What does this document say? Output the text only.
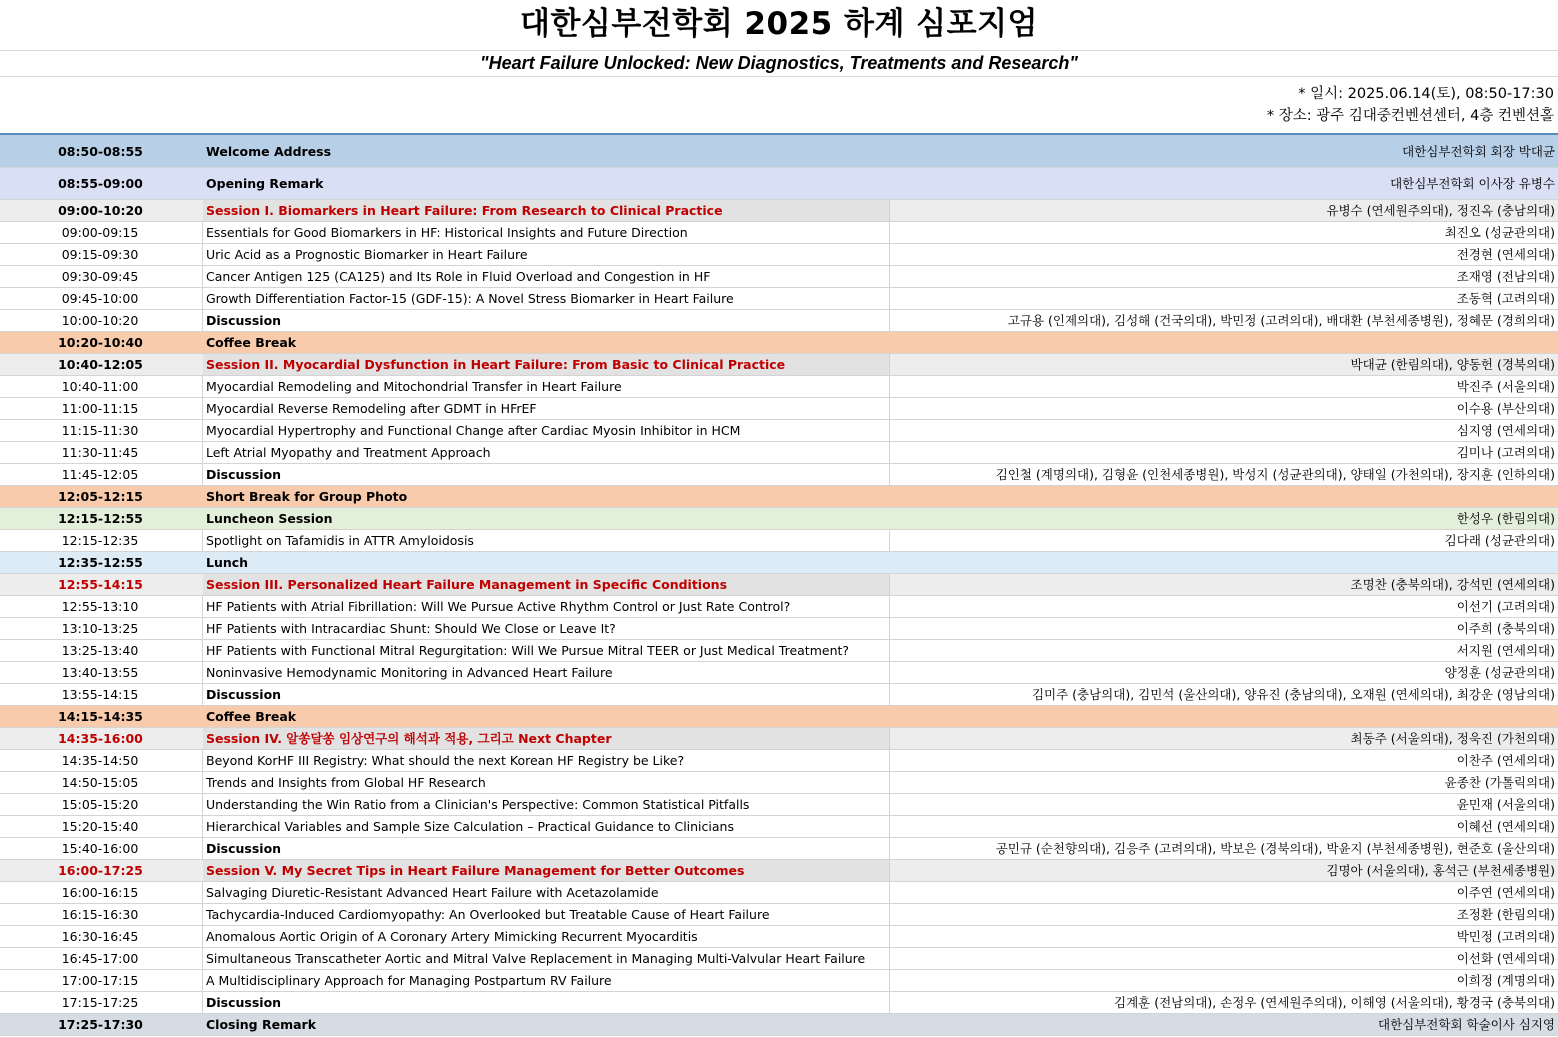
대한심부전학회 2025 하계 심포지엄
"Heart Failure Unlocked: New Diagnostics, Treatments and Research"
* 일시: 2025.06.14(토), 08:50-17:30
* 장소: 광주 김대중컨벤션센터, 4층 컨벤션홀
08:50-08:55	Welcome Address	대한심부전학회 회장 박대균
08:55-09:00	Opening Remark	대한심부전학회 이사장 유병수
09:00-10:20	Session I. Biomarkers in Heart Failure: From Research to Clinical Practice	유병수 (연세원주의대), 정진옥 (충남의대)
09:00-09:15	Essentials for Good Biomarkers in HF: Historical Insights and Future Direction	최진오 (성균관의대)
09:15-09:30	Uric Acid as a Prognostic Biomarker in Heart Failure	전경현 (연세의대)
09:30-09:45	Cancer Antigen 125 (CA125) and Its Role in Fluid Overload and Congestion in HF	조재영 (전남의대)
09:45-10:00	Growth Differentiation Factor-15 (GDF-15): A Novel Stress Biomarker in Heart Failure	조동혁 (고려의대)
10:00-10:20	Discussion	고규용 (인제의대), 김성해 (건국의대), 박민정 (고려의대), 배대환 (부천세종병원), 정혜문 (경희의대)
10:20-10:40	Coffee Break
10:40-12:05	Session II. Myocardial Dysfunction in Heart Failure: From Basic to Clinical Practice	박대균 (한림의대), 양동헌 (경북의대)
10:40-11:00	Myocardial Remodeling and Mitochondrial Transfer in Heart Failure	박진주 (서울의대)
11:00-11:15	Myocardial Reverse Remodeling after GDMT in HFrEF	이수용 (부산의대)
11:15-11:30	Myocardial Hypertrophy and Functional Change after Cardiac Myosin Inhibitor in HCM	심지영 (연세의대)
11:30-11:45	Left Atrial Myopathy and Treatment Approach	김미나 (고려의대)
11:45-12:05	Discussion	김인철 (계명의대), 김형윤 (인천세종병원), 박성지 (성균관의대), 양태일 (가천의대), 장지훈 (인하의대)
12:05-12:15	Short Break for Group Photo
12:15-12:55	Luncheon Session	한성우 (한림의대)
12:15-12:35	Spotlight on Tafamidis in ATTR Amyloidosis	김다래 (성균관의대)
12:35-12:55	Lunch
12:55-14:15	Session III. Personalized Heart Failure Management in Specific Conditions	조명찬 (충북의대), 강석민 (연세의대)
12:55-13:10	HF Patients with Atrial Fibrillation: Will We Pursue Active Rhythm Control or Just Rate Control?	이선기 (고려의대)
13:10-13:25	HF Patients with Intracardiac Shunt: Should We Close or Leave It?	이주희 (충북의대)
13:25-13:40	HF Patients with Functional Mitral Regurgitation: Will We Pursue Mitral TEER or Just Medical Treatment?	서지원 (연세의대)
13:40-13:55	Noninvasive Hemodynamic Monitoring in Advanced Heart Failure	양정훈 (성균관의대)
13:55-14:15	Discussion	김미주 (충남의대), 김민석 (울산의대), 양유진 (충남의대), 오재원 (연세의대), 최강운 (영남의대)
14:15-14:35	Coffee Break
14:35-16:00	Session IV. 알쏭달쏭 임상연구의 해석과 적용, 그리고 Next Chapter	최동주 (서울의대), 정욱진 (가천의대)
14:35-14:50	Beyond KorHF III Registry: What should the next Korean HF Registry be Like?	이찬주 (연세의대)
14:50-15:05	Trends and Insights from Global HF Research	윤종찬 (가톨릭의대)
15:05-15:20	Understanding the Win Ratio from a Clinician's Perspective: Common Statistical Pitfalls	윤민재 (서울의대)
15:20-15:40	Hierarchical Variables and Sample Size Calculation – Practical Guidance to Clinicians	이혜선 (연세의대)
15:40-16:00	Discussion	공민규 (순천향의대), 김응주 (고려의대), 박보은 (경북의대), 박윤지 (부천세종병원), 현준호 (울산의대)
16:00-17:25	Session V. My Secret Tips in Heart Failure Management for Better Outcomes	김명아 (서울의대), 홍석근 (부천세종병원)
16:00-16:15	Salvaging Diuretic-Resistant Advanced Heart Failure with Acetazolamide	이주연 (연세의대)
16:15-16:30	Tachycardia-Induced Cardiomyopathy: An Overlooked but Treatable Cause of Heart Failure	조정환 (한림의대)
16:30-16:45	Anomalous Aortic Origin of A Coronary Artery Mimicking Recurrent Myocarditis	박민정 (고려의대)
16:45-17:00	Simultaneous Transcatheter Aortic and Mitral Valve Replacement in Managing Multi-Valvular Heart Failure	이선화 (연세의대)
17:00-17:15	A Multidisciplinary Approach for Managing Postpartum RV Failure	이희정 (계명의대)
17:15-17:25	Discussion	김계훈 (전남의대), 손정우 (연세원주의대), 이해영 (서울의대), 황경국 (충북의대)
17:25-17:30	Closing Remark	대한심부전학회 학술이사 심지영
